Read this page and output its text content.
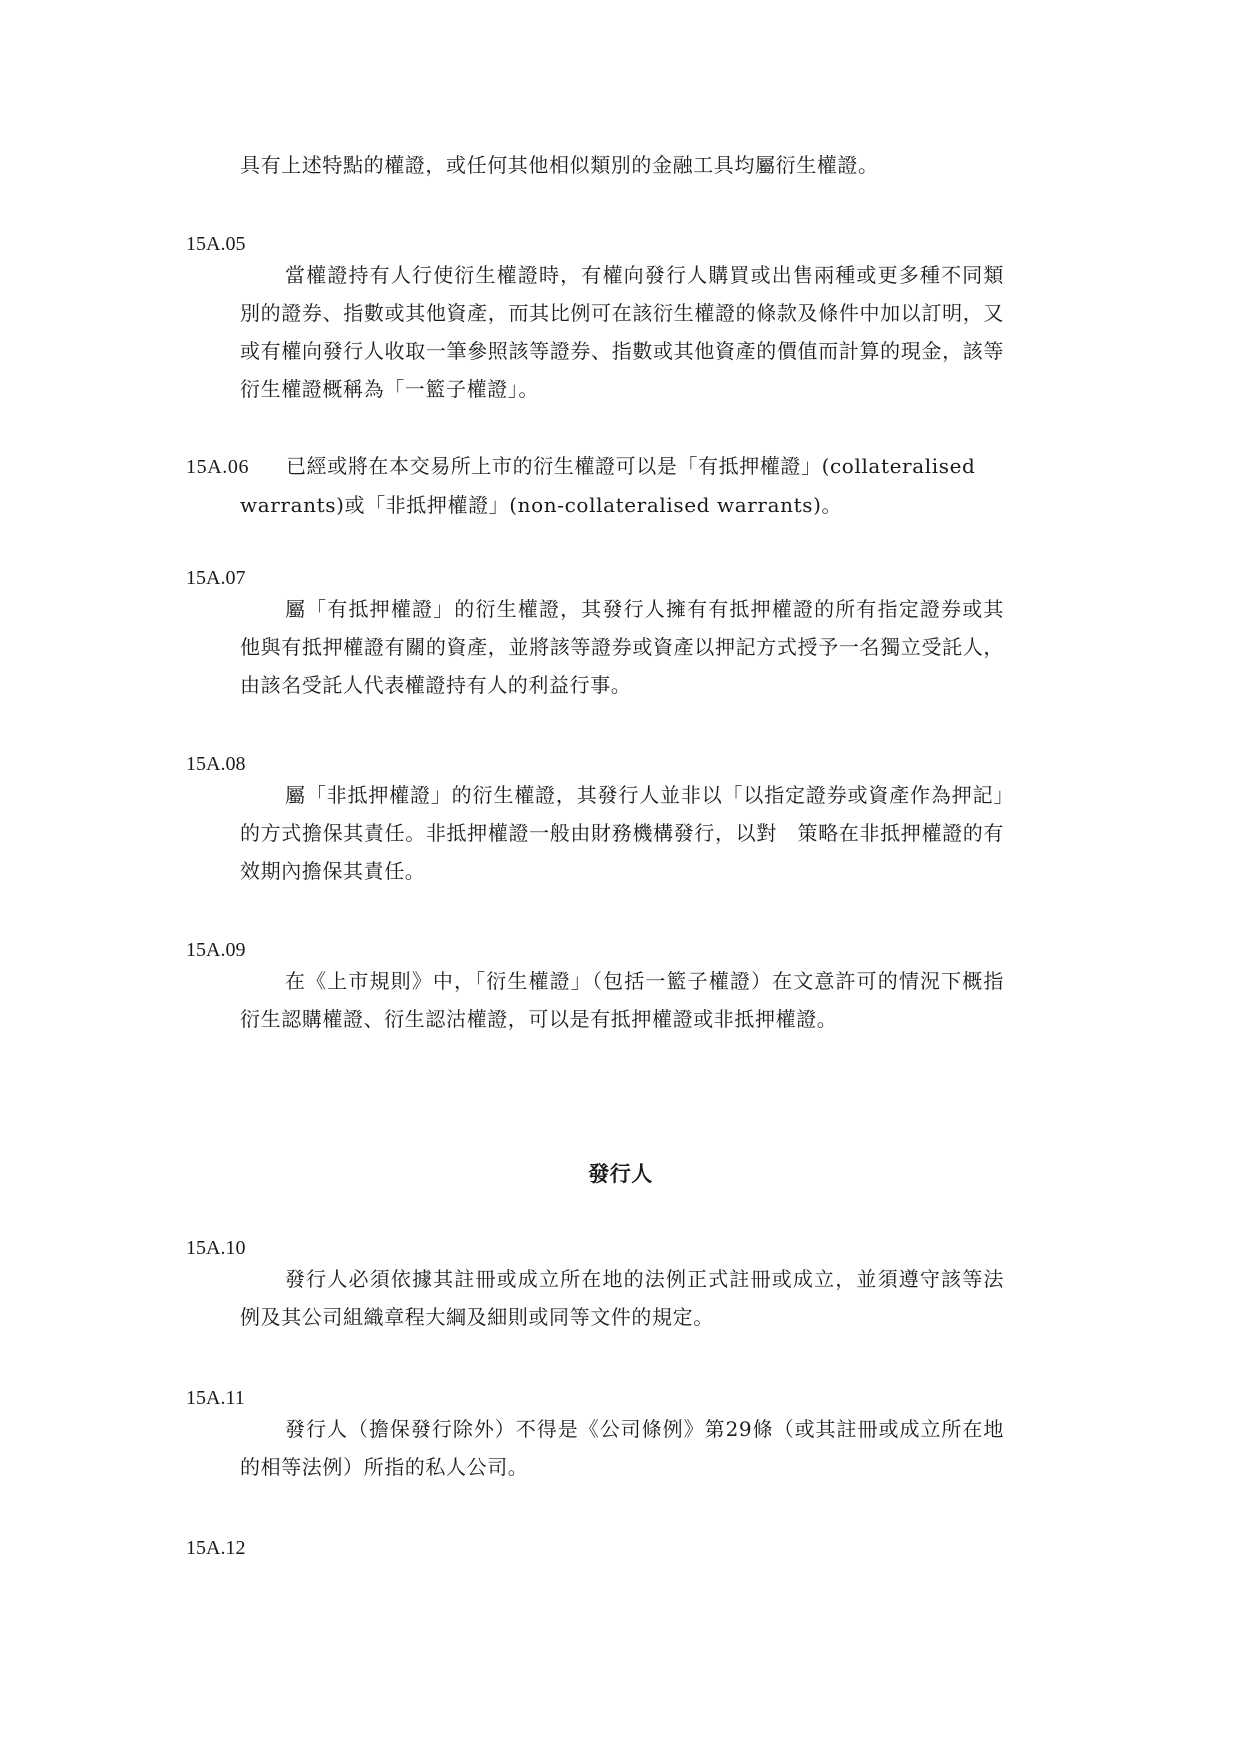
具有上述特點的權證，或任何其他相似類別的金融工具均屬衍生權證。
15A.05
當權證持有人行使衍生權證時，有權向發行人購買或出售兩種或更多種不同類別的證券、指數或其他資產，而其比例可在該衍生權證的條款及條件中加以訂明，又或有權向發行人收取一筆參照該等證券、指數或其他資產的價值而計算的現金，該等衍生權證概稱為「一籃子權證」。
15A.06 已經或將在本交易所上市的衍生權證可以是「有抵押權證」(collateralised
warrants)或「非抵押權證」(non-collateralised warrants)。
15A.07
屬「有抵押權證」的衍生權證，其發行人擁有有抵押權證的所有指定證券或其他與有抵押權證有關的資產，並將該等證券或資產以押記方式授予一名獨立受託人，由該名受託人代表權證持有人的利益行事。
15A.08
屬「非抵押權證」的衍生權證，其發行人並非以「以指定證券或資產作為押記」的方式擔保其責任。非抵押權證一般由財務機構發行，以對　策略在非抵押權證的有效期內擔保其責任。
15A.09
在《上市規則》中，「衍生權證」（包括一籃子權證）在文意許可的情況下概指衍生認購權證、衍生認沽權證，可以是有抵押權證或非抵押權證。
發行人
15A.10
發行人必須依據其註冊或成立所在地的法例正式註冊或成立，並須遵守該等法例及其公司組織章程大綱及細則或同等文件的規定。
15A.11
發行人（擔保發行除外）不得是《公司條例》第29條（或其註冊或成立所在地的相等法例）所指的私人公司。
15A.12
